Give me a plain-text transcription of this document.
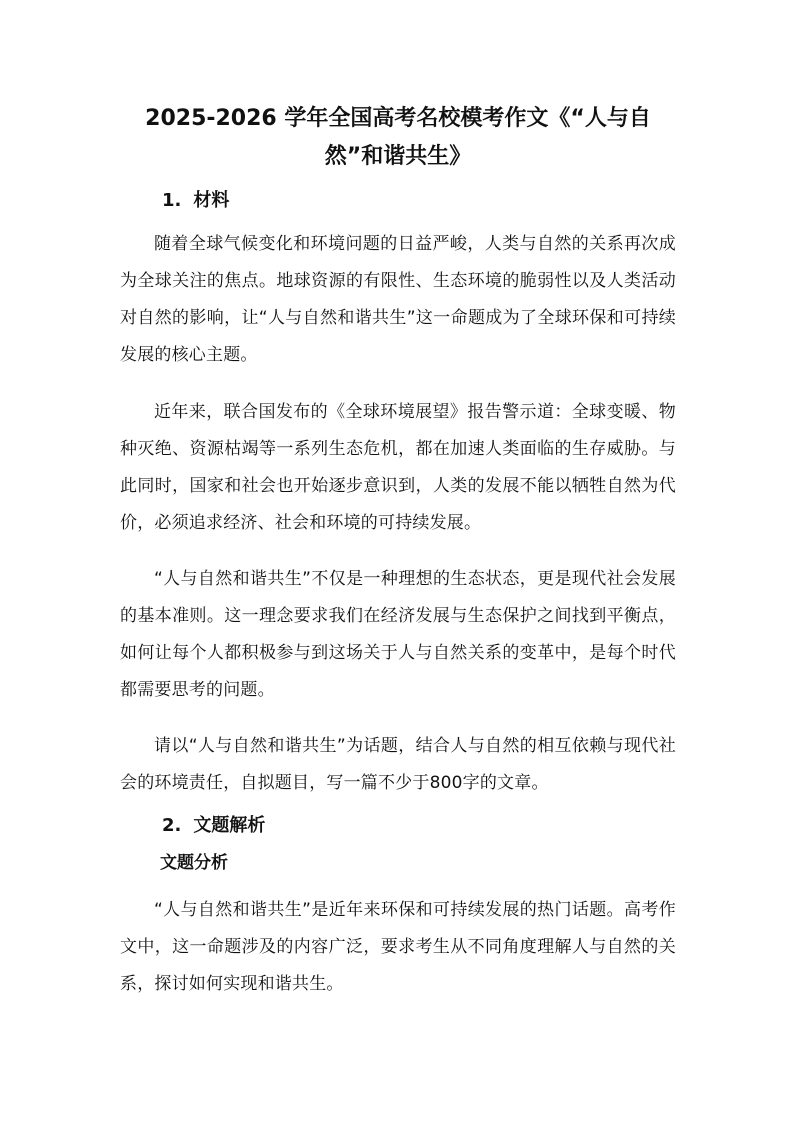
2025-2026 学年全国高考名校模考作文《“人与自然”和谐共生》
1. 材料

随着全球气候变化和环境问题的日益严峻，人类与自然的关系再次成为全球关注的焦点。地球资源的有限性、生态环境的脆弱性以及人类活动对自然的影响，让“人与自然和谐共生”这一命题成为了全球环保和可持续发展的核心主题。

近年来，联合国发布的《全球环境展望》报告警示道：全球变暖、物种灭绝、资源枯竭等一系列生态危机，都在加速人类面临的生存威胁。与此同时，国家和社会也开始逐步意识到，人类的发展不能以牺牲自然为代价，必须追求经济、社会和环境的可持续发展。

“人与自然和谐共生”不仅是一种理想的生态状态，更是现代社会发展的基本准则。这一理念要求我们在经济发展与生态保护之间找到平衡点，如何让每个人都积极参与到这场关于人与自然关系的变革中，是每个时代都需要思考的问题。

请以“人与自然和谐共生”为话题，结合人与自然的相互依赖与现代社会的环境责任，自拟题目，写一篇不少于800字的文章。

2. 文题解析
文题分析

“人与自然和谐共生”是近年来环保和可持续发展的热门话题。高考作文中，这一命题涉及的内容广泛，要求考生从不同角度理解人与自然的关系，探讨如何实现和谐共生。
